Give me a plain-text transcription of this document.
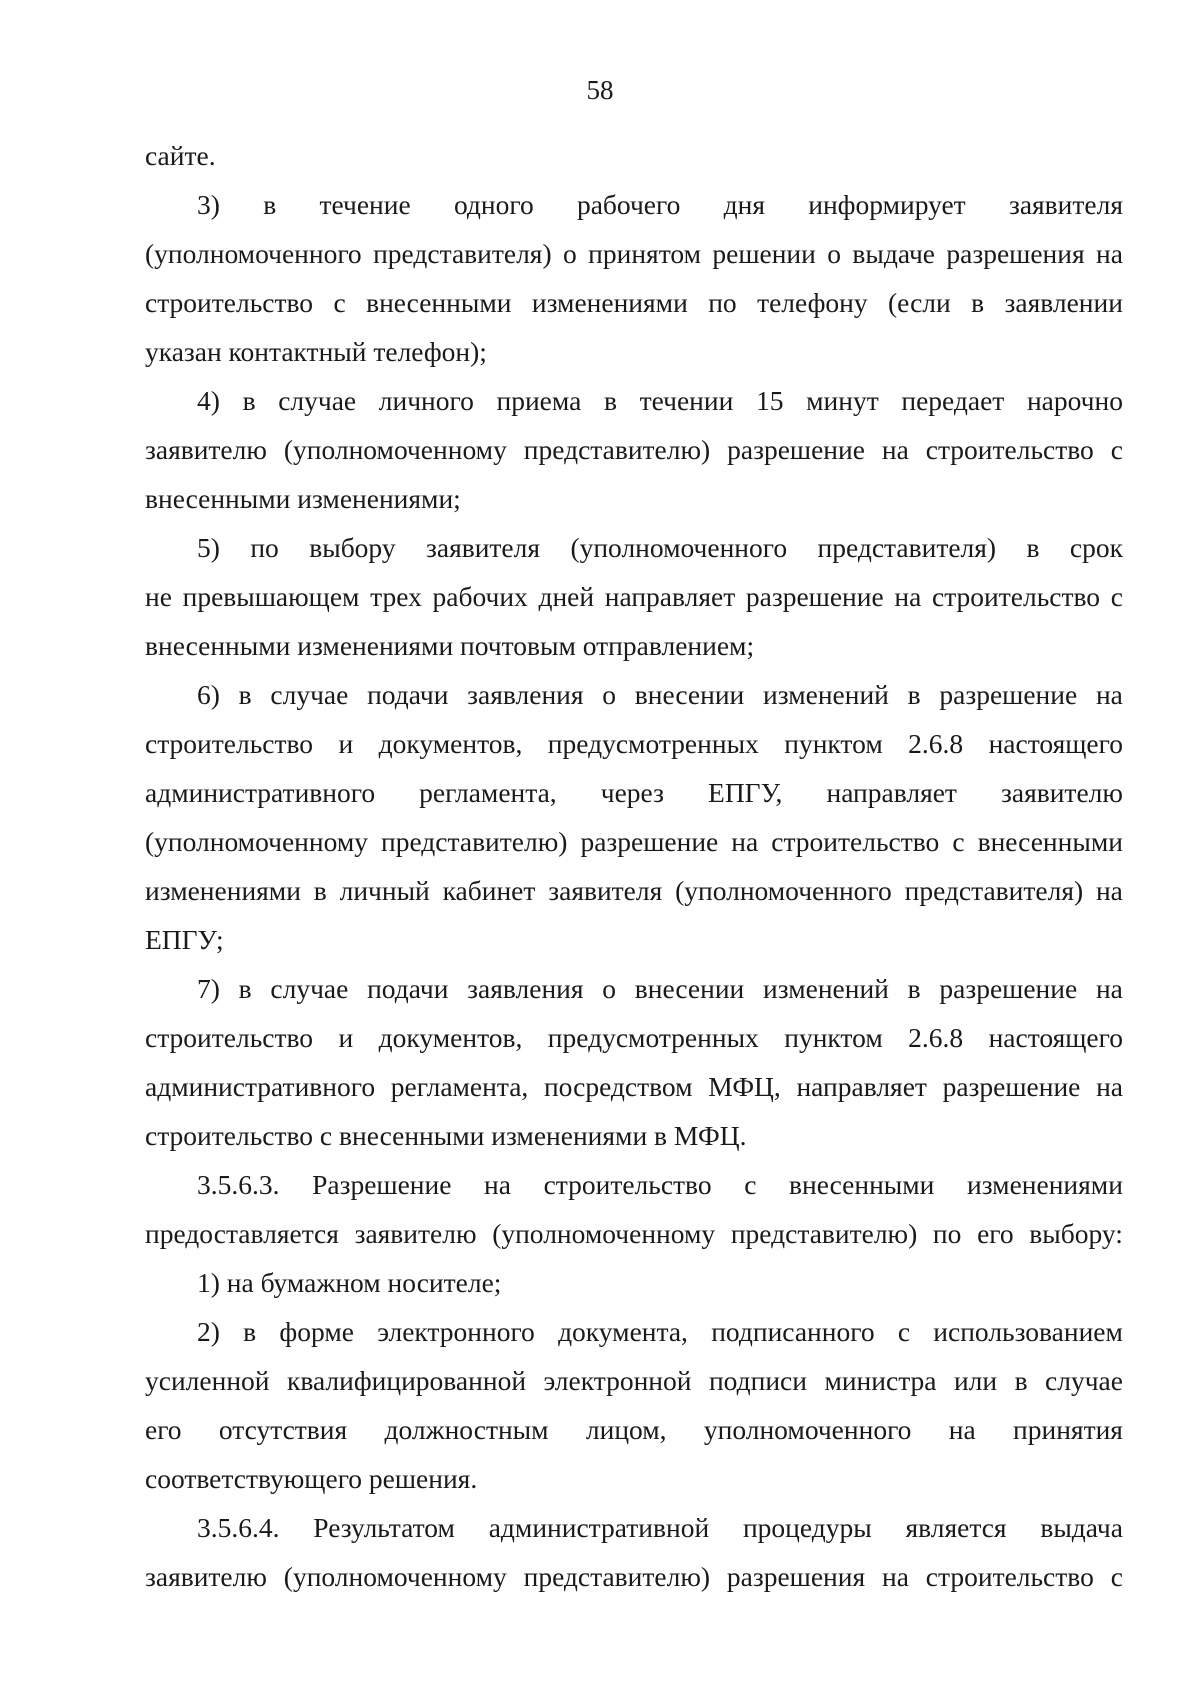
58
сайте.
3) в течение одного рабочего дня информирует заявителя
(уполномоченного представителя) о принятом решении о выдаче разрешения на
строительство с внесенными изменениями по телефону (если в заявлении
указан контактный телефон);
4) в случае личного приема в течении 15 минут передает нарочно
заявителю (уполномоченному представителю) разрешение на строительство с
внесенными изменениями;
5) по выбору заявителя (уполномоченного представителя) в срок
не превышающем трех рабочих дней направляет разрешение на строительство с
внесенными изменениями почтовым отправлением;
6) в случае подачи заявления о внесении изменений в разрешение на
строительство и документов, предусмотренных пунктом 2.6.8 настоящего
административного регламента, через ЕПГУ, направляет заявителю
(уполномоченному представителю) разрешение на строительство с внесенными
изменениями в личный кабинет заявителя (уполномоченного представителя) на
ЕПГУ;
7) в случае подачи заявления о внесении изменений в разрешение на
строительство и документов, предусмотренных пунктом 2.6.8 настоящего
административного регламента, посредством МФЦ, направляет разрешение на
строительство с внесенными изменениями в МФЦ.
3.5.6.3. Разрешение на строительство с внесенными изменениями
предоставляется заявителю (уполномоченному представителю) по его выбору:
1) на бумажном носителе;
2) в форме электронного документа, подписанного с использованием
усиленной квалифицированной электронной подписи министра или в случае
его отсутствия должностным лицом, уполномоченного на принятия
соответствующего решения.
3.5.6.4. Результатом административной процедуры является выдача
заявителю (уполномоченному представителю) разрешения на строительство с
